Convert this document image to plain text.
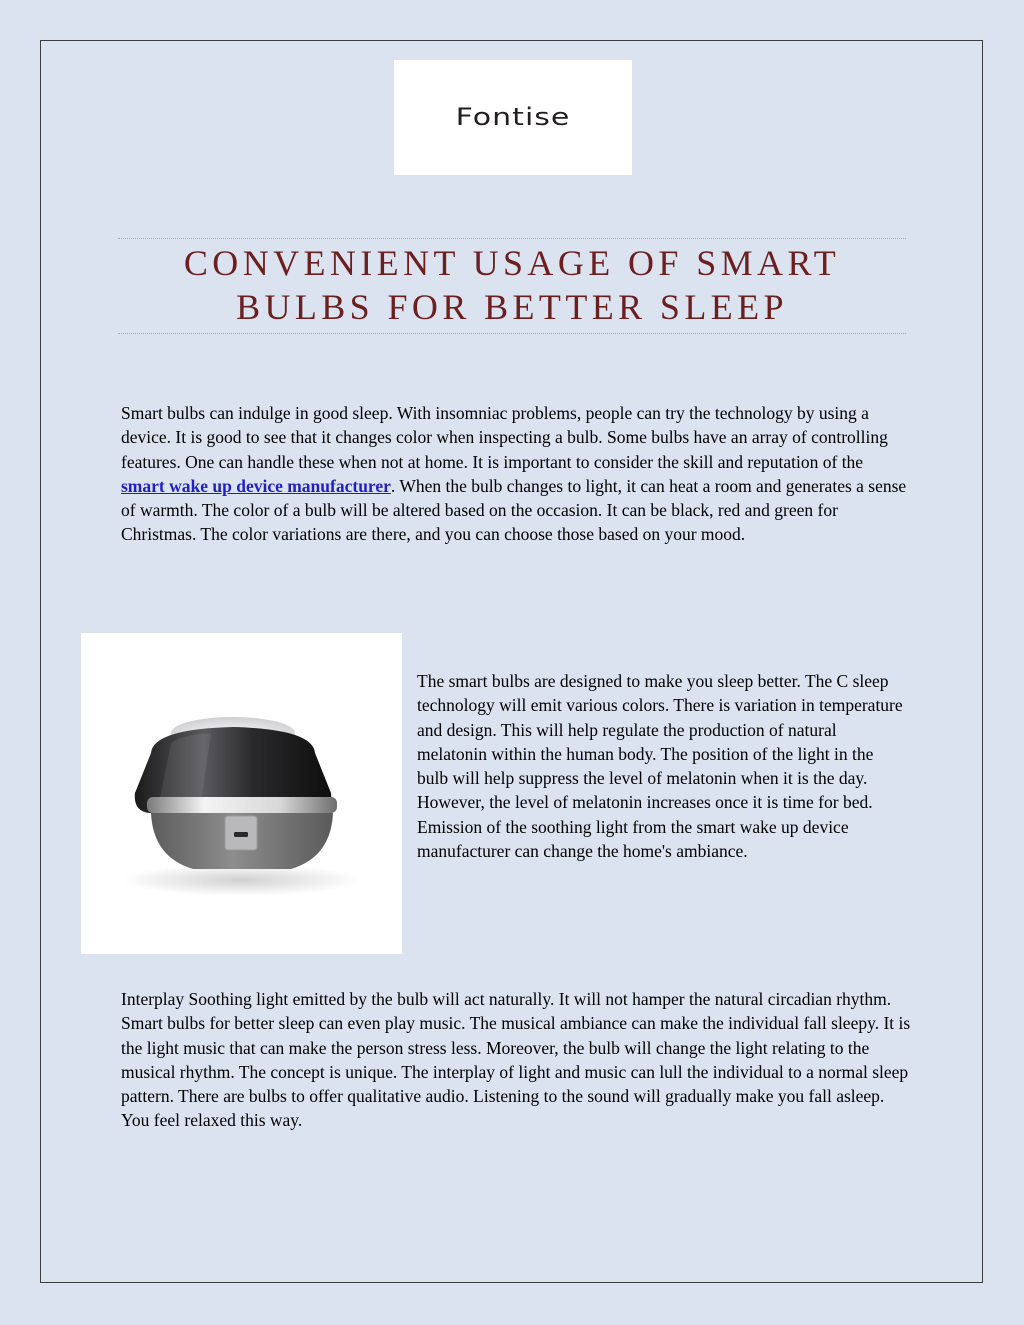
Fontise
CONVENIENT USAGE OF SMART
BULBS FOR BETTER SLEEP

Smart bulbs can indulge in good sleep. With insomniac problems, people can try the technology by using a device. It is good to see that it changes color when inspecting a bulb. Some bulbs have an array of controlling features. One can handle these when not at home. It is important to consider the skill and reputation of the smart wake up device manufacturer. When the bulb changes to light, it can heat a room and generates a sense of warmth. The color of a bulb will be altered based on the occasion. It can be black, red and green for Christmas. The color variations are there, and you can choose those based on your mood.

The smart bulbs are designed to make you sleep better. The C sleep technology will emit various colors. There is variation in temperature and design. This will help regulate the production of natural melatonin within the human body. The position of the light in the bulb will help suppress the level of melatonin when it is the day. However, the level of melatonin increases once it is time for bed. Emission of the soothing light from the smart wake up device manufacturer can change the home's ambiance.

Interplay Soothing light emitted by the bulb will act naturally. It will not hamper the natural circadian rhythm. Smart bulbs for better sleep can even play music. The musical ambiance can make the individual fall sleepy. It is the light music that can make the person stress less. Moreover, the bulb will change the light relating to the musical rhythm. The concept is unique. The interplay of light and music can lull the individual to a normal sleep pattern. There are bulbs to offer qualitative audio. Listening to the sound will gradually make you fall asleep. You feel relaxed this way.
